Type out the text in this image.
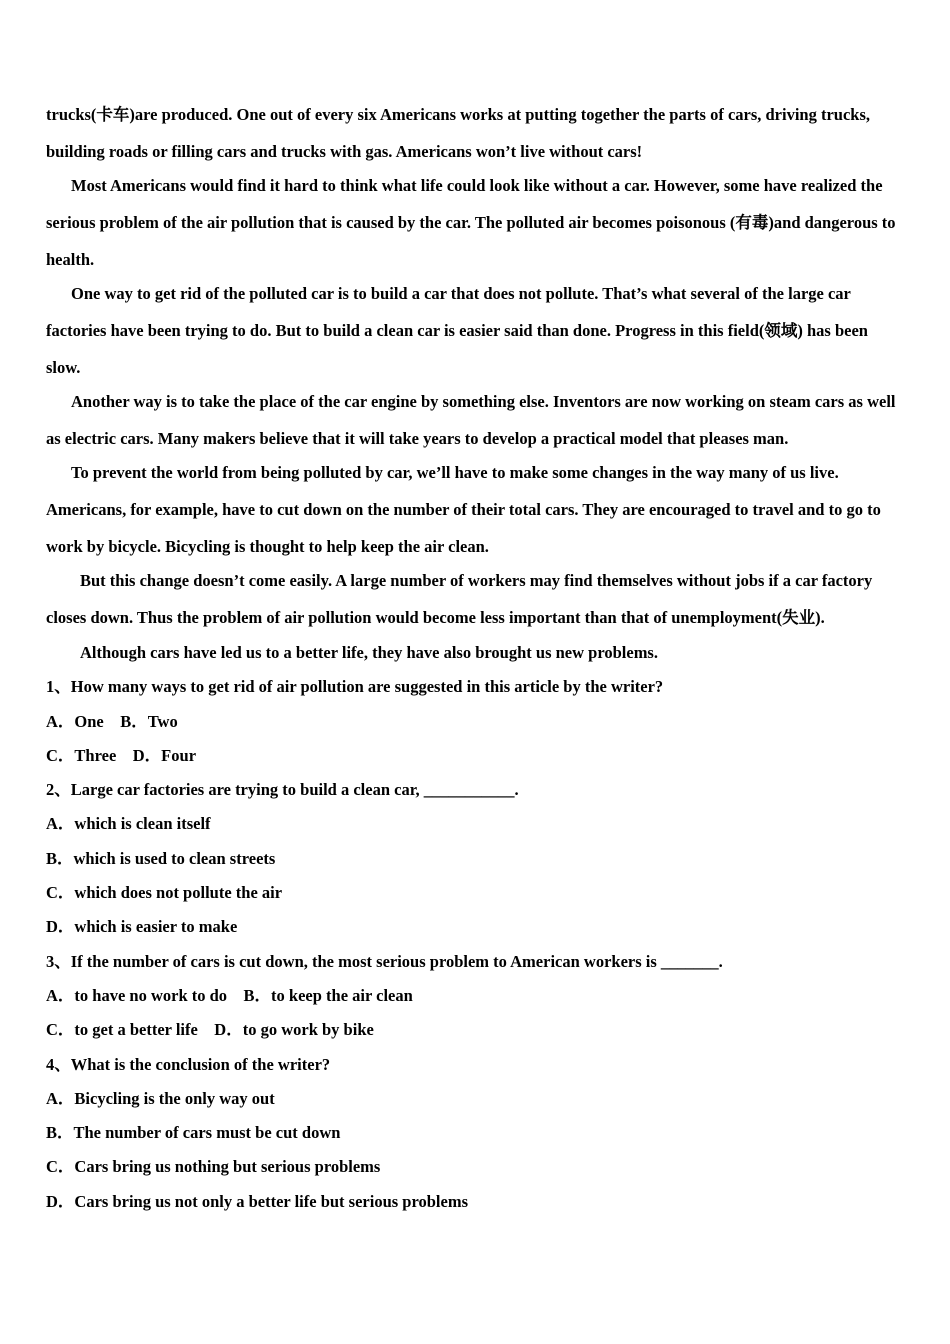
trucks(卡车)are produced. One out of every six Americans works at putting together the parts of cars, driving trucks, building roads or filling cars and trucks with gas. Americans won’t live without cars!

Most Americans would find it hard to think what life could look like without a car. However, some have realized the serious problem of the air pollution that is caused by the car. The polluted air becomes poisonous (有毒)and dangerous to health.

One way to get rid of the polluted car is to build a car that does not pollute. That’s what several of the large car factories have been trying to do. But to build a clean car is easier said than done. Progress in this field(领域) has been slow.

Another way is to take the place of the car engine by something else. Inventors are now working on steam cars as well as electric cars. Many makers believe that it will take years to develop a practical model that pleases man.

To prevent the world from being polluted by car, we’ll have to make some changes in the way many of us live. Americans, for example, have to cut down on the number of their total cars. They are encouraged to travel and to go to work by bicycle. Bicycling is thought to help keep the air clean.

But this change doesn’t come easily. A large number of workers may find themselves without jobs if a car factory closes down. Thus the problem of air pollution would become less important than that of unemployment(失业).

Although cars have led us to a better life, they have also brought us new problems.

1、How many ways to get rid of air pollution are suggested in this article by the writer?

A．One    B．Two

C．Three    D．Four

2、Large car factories are trying to build a clean car, ___________.

A．which is clean itself

B．which is used to clean streets

C．which does not pollute the air

D．which is easier to make

3、If the number of cars is cut down, the most serious problem to American workers is _______.

A．to have no work to do    B．to keep the air clean

C．to get a better life    D．to go work by bike

4、What is the conclusion of the writer?

A．Bicycling is the only way out

B．The number of cars must be cut down

C．Cars bring us nothing but serious problems

D．Cars bring us not only a better life but serious problems
